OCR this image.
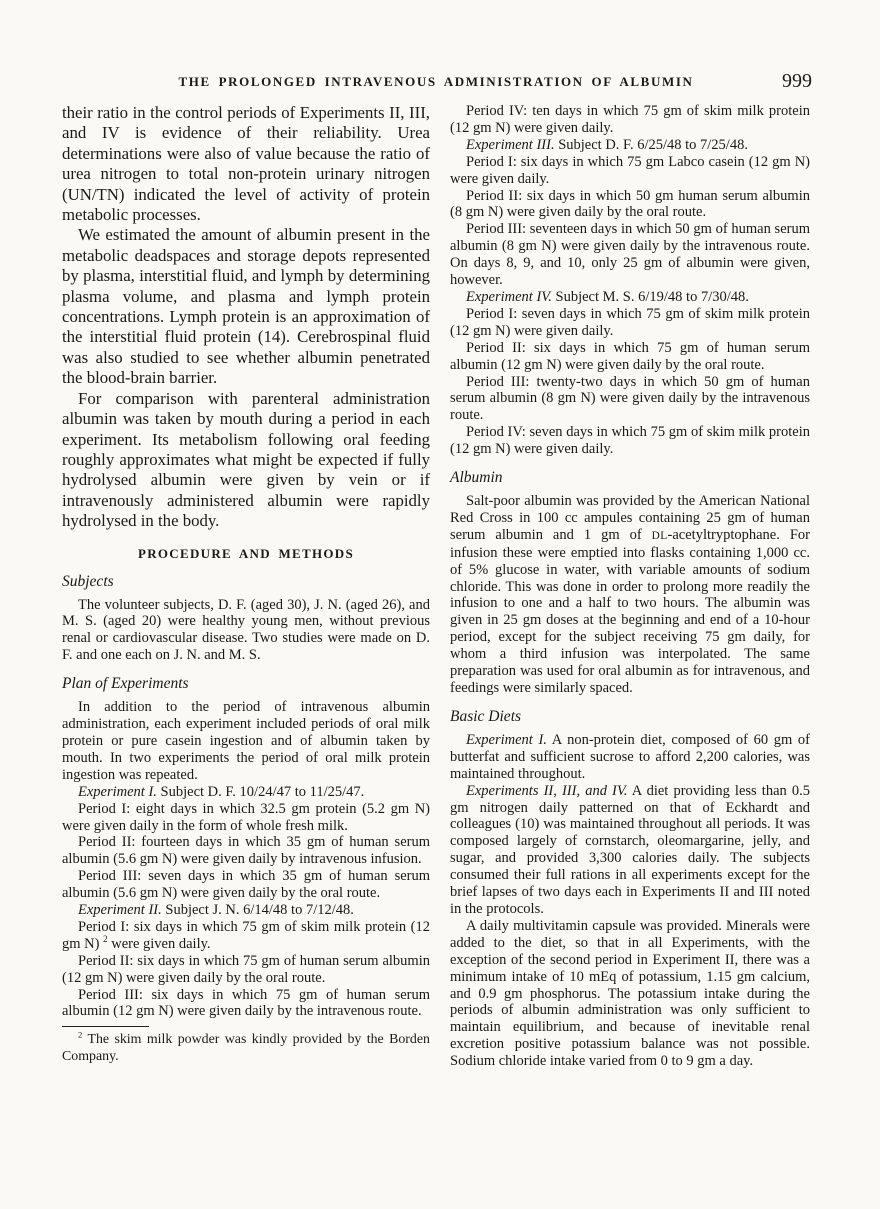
THE PROLONGED INTRAVENOUS ADMINISTRATION OF ALBUMIN	999

their ratio in the control periods of Experiments II, III, and IV is evidence of their reliability. Urea determinations were also of value because the ratio of urea nitrogen to total non-protein urinary nitrogen (UN/TN) indicated the level of activity of protein metabolic processes.

We estimated the amount of albumin present in the metabolic deadspaces and storage depots represented by plasma, interstitial fluid, and lymph by determining plasma volume, and plasma and lymph protein concentrations. Lymph protein is an approximation of the interstitial fluid protein (14). Cerebrospinal fluid was also studied to see whether albumin penetrated the blood-brain barrier.

For comparison with parenteral administration albumin was taken by mouth during a period in each experiment. Its metabolism following oral feeding roughly approximates what might be expected if fully hydrolysed albumin were given by vein or if intravenously administered albumin were rapidly hydrolysed in the body.

PROCEDURE AND METHODS
Subjects

The volunteer subjects, D. F. (aged 30), J. N. (aged 26), and M. S. (aged 20) were healthy young men, without previous renal or cardiovascular disease. Two studies were made on D. F. and one each on J. N. and M. S.

Plan of Experiments

In addition to the period of intravenous albumin administration, each experiment included periods of oral milk protein or pure casein ingestion and of albumin taken by mouth. In two experiments the period of oral milk protein ingestion was repeated.

Experiment I. Subject D. F. 10/24/47 to 11/25/47.

Period I: eight days in which 32.5 gm protein (5.2 gm N) were given daily in the form of whole fresh milk.

Period II: fourteen days in which 35 gm of human serum albumin (5.6 gm N) were given daily by intravenous infusion.

Period III: seven days in which 35 gm of human serum albumin (5.6 gm N) were given daily by the oral route.

Experiment II. Subject J. N. 6/14/48 to 7/12/48.

Period I: six days in which 75 gm of skim milk protein (12 gm N) $^2$ were given daily.

Period II: six days in which 75 gm of human serum albumin (12 gm N) were given daily by the oral route.

Period III: six days in which 75 gm of human serum albumin (12 gm N) were given daily by the intravenous route.

$^2$ The skim milk powder was kindly provided by the Borden Company.

Period IV: ten days in which 75 gm of skim milk protein (12 gm N) were given daily.

Experiment III. Subject D. F. 6/25/48 to 7/25/48.

Period I: six days in which 75 gm Labco casein (12 gm N) were given daily.

Period II: six days in which 50 gm human serum albumin (8 gm N) were given daily by the oral route.

Period III: seventeen days in which 50 gm of human serum albumin (8 gm N) were given daily by the intravenous route. On days 8, 9, and 10, only 25 gm of albumin were given, however.

Experiment IV. Subject M. S. 6/19/48 to 7/30/48.

Period I: seven days in which 75 gm of skim milk protein (12 gm N) were given daily.

Period II: six days in which 75 gm of human serum albumin (12 gm N) were given daily by the oral route.

Period III: twenty-two days in which 50 gm of human serum albumin (8 gm N) were given daily by the intravenous route.

Period IV: seven days in which 75 gm of skim milk protein (12 gm N) were given daily.

Albumin

Salt-poor albumin was provided by the American National Red Cross in 100 cc ampules containing 25 gm of human serum albumin and 1 gm of DL-acetyltryptophane. For infusion these were emptied into flasks containing 1,000 cc. of 5% glucose in water, with variable amounts of sodium chloride. This was done in order to prolong more readily the infusion to one and a half to two hours. The albumin was given in 25 gm doses at the beginning and end of a 10-hour period, except for the subject receiving 75 gm daily, for whom a third infusion was interpolated. The same preparation was used for oral albumin as for intravenous, and feedings were similarly spaced.

Basic Diets

Experiment I. A non-protein diet, composed of 60 gm of butterfat and sufficient sucrose to afford 2,200 calories, was maintained throughout.

Experiments II, III, and IV. A diet providing less than 0.5 gm nitrogen daily patterned on that of Eckhardt and colleagues (10) was maintained throughout all periods. It was composed largely of cornstarch, oleomargarine, jelly, and sugar, and provided 3,300 calories daily. The subjects consumed their full rations in all experiments except for the brief lapses of two days each in Experiments II and III noted in the protocols.

A daily multivitamin capsule was provided. Minerals were added to the diet, so that in all Experiments, with the exception of the second period in Experiment II, there was a minimum intake of 10 mEq of potassium, 1.15 gm calcium, and 0.9 gm phosphorus. The potassium intake during the periods of albumin administration was only sufficient to maintain equilibrium, and because of inevitable renal excretion positive potassium balance was not possible. Sodium chloride intake varied from 0 to 9 gm a day.
